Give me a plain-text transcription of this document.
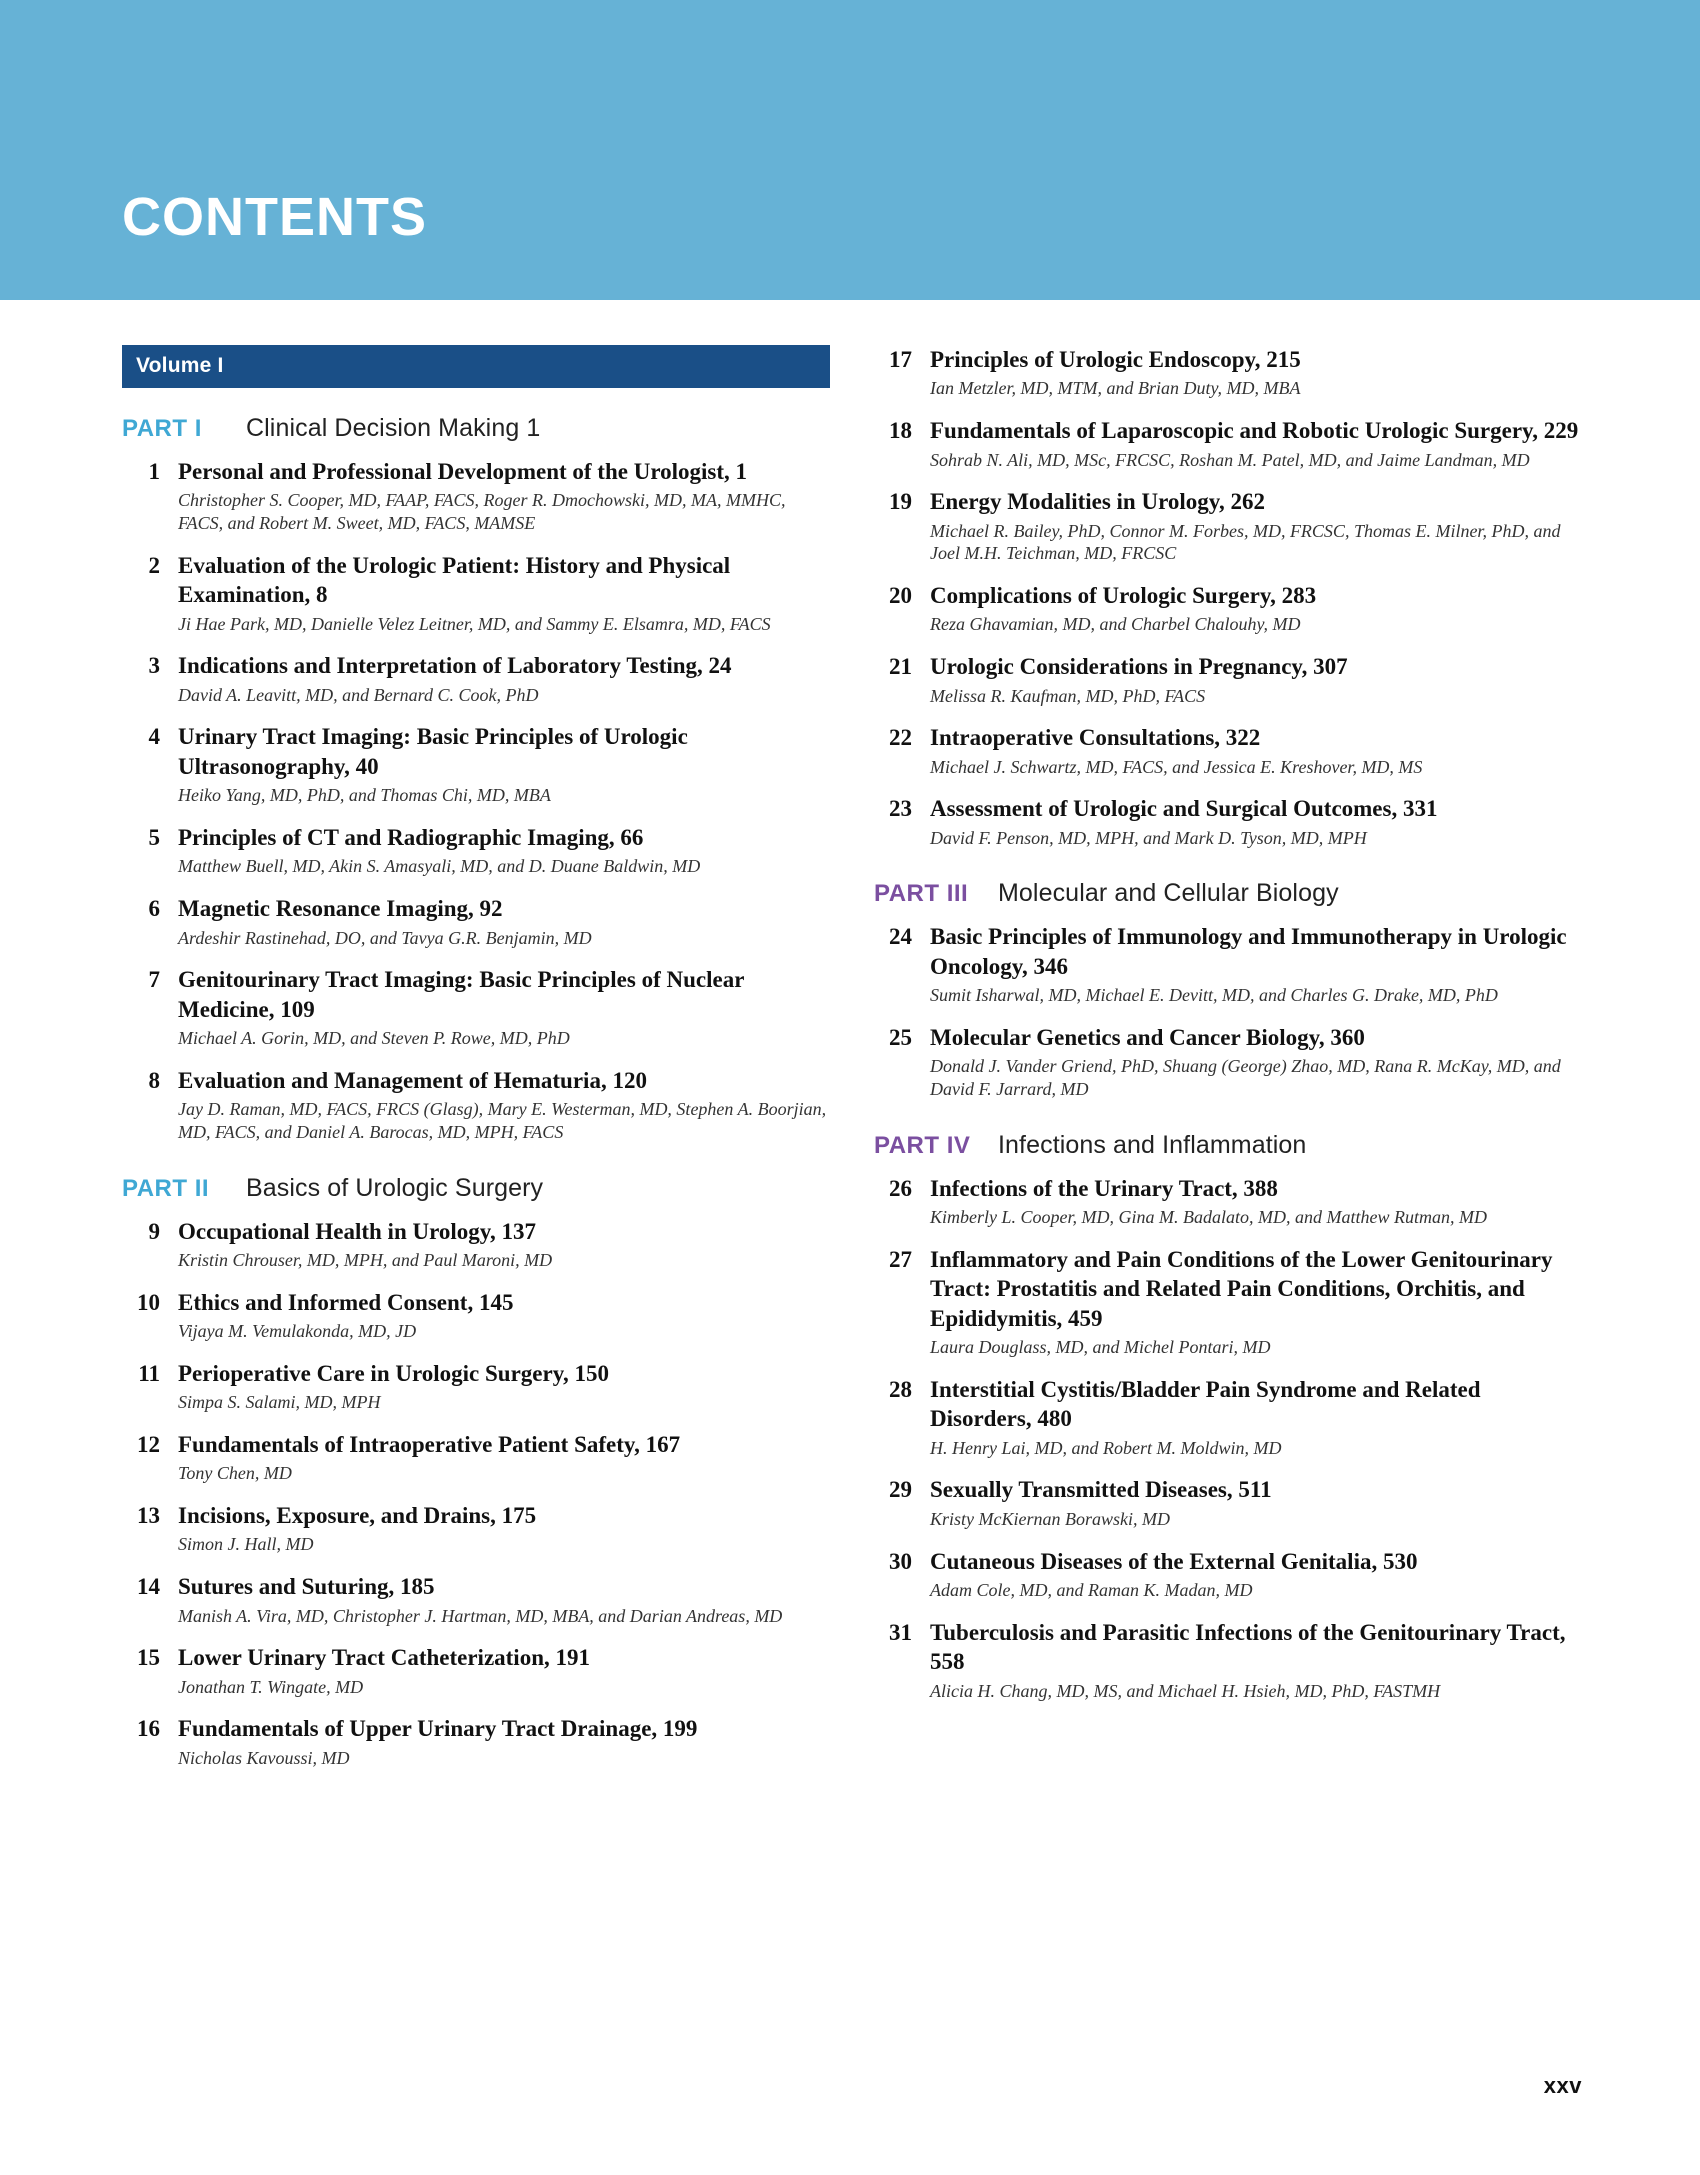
CONTENTS
Volume I
PART I	Clinical Decision Making 1
1 Personal and Professional Development of the Urologist, 1
Christopher S. Cooper, MD, FAAP, FACS, Roger R. Dmochowski, MD, MA, MMHC, FACS, and Robert M. Sweet, MD, FACS, MAMSE
2 Evaluation of the Urologic Patient: History and Physical Examination, 8
Ji Hae Park, MD, Danielle Velez Leitner, MD, and Sammy E. Elsamra, MD, FACS
3 Indications and Interpretation of Laboratory Testing, 24
David A. Leavitt, MD, and Bernard C. Cook, PhD
4 Urinary Tract Imaging: Basic Principles of Urologic Ultrasonography, 40
Heiko Yang, MD, PhD, and Thomas Chi, MD, MBA
5 Principles of CT and Radiographic Imaging, 66
Matthew Buell, MD, Akin S. Amasyali, MD, and D. Duane Baldwin, MD
6 Magnetic Resonance Imaging, 92
Ardeshir Rastinehad, DO, and Tavya G.R. Benjamin, MD
7 Genitourinary Tract Imaging: Basic Principles of Nuclear Medicine, 109
Michael A. Gorin, MD, and Steven P. Rowe, MD, PhD
8 Evaluation and Management of Hematuria, 120
Jay D. Raman, MD, FACS, FRCS (Glasg), Mary E. Westerman, MD, Stephen A. Boorjian, MD, FACS, and Daniel A. Barocas, MD, MPH, FACS
PART II	Basics of Urologic Surgery
9 Occupational Health in Urology, 137
Kristin Chrouser, MD, MPH, and Paul Maroni, MD
10 Ethics and Informed Consent, 145
Vijaya M. Vemulakonda, MD, JD
11 Perioperative Care in Urologic Surgery, 150
Simpa S. Salami, MD, MPH
12 Fundamentals of Intraoperative Patient Safety, 167
Tony Chen, MD
13 Incisions, Exposure, and Drains, 175
Simon J. Hall, MD
14 Sutures and Suturing, 185
Manish A. Vira, MD, Christopher J. Hartman, MD, MBA, and Darian Andreas, MD
15 Lower Urinary Tract Catheterization, 191
Jonathan T. Wingate, MD
16 Fundamentals of Upper Urinary Tract Drainage, 199
Nicholas Kavoussi, MD
17 Principles of Urologic Endoscopy, 215
Ian Metzler, MD, MTM, and Brian Duty, MD, MBA
18 Fundamentals of Laparoscopic and Robotic Urologic Surgery, 229
Sohrab N. Ali, MD, MSc, FRCSC, Roshan M. Patel, MD, and Jaime Landman, MD
19 Energy Modalities in Urology, 262
Michael R. Bailey, PhD, Connor M. Forbes, MD, FRCSC, Thomas E. Milner, PhD, and Joel M.H. Teichman, MD, FRCSC
20 Complications of Urologic Surgery, 283
Reza Ghavamian, MD, and Charbel Chalouhy, MD
21 Urologic Considerations in Pregnancy, 307
Melissa R. Kaufman, MD, PhD, FACS
22 Intraoperative Consultations, 322
Michael J. Schwartz, MD, FACS, and Jessica E. Kreshover, MD, MS
23 Assessment of Urologic and Surgical Outcomes, 331
David F. Penson, MD, MPH, and Mark D. Tyson, MD, MPH
PART III	Molecular and Cellular Biology
24 Basic Principles of Immunology and Immunotherapy in Urologic Oncology, 346
Sumit Isharwal, MD, Michael E. Devitt, MD, and Charles G. Drake, MD, PhD
25 Molecular Genetics and Cancer Biology, 360
Donald J. Vander Griend, PhD, Shuang (George) Zhao, MD, Rana R. McKay, MD, and David F. Jarrard, MD
PART IV	Infections and Inflammation
26 Infections of the Urinary Tract, 388
Kimberly L. Cooper, MD, Gina M. Badalato, MD, and Matthew Rutman, MD
27 Inflammatory and Pain Conditions of the Lower Genitourinary Tract: Prostatitis and Related Pain Conditions, Orchitis, and Epididymitis, 459
Laura Douglass, MD, and Michel Pontari, MD
28 Interstitial Cystitis/Bladder Pain Syndrome and Related Disorders, 480
H. Henry Lai, MD, and Robert M. Moldwin, MD
29 Sexually Transmitted Diseases, 511
Kristy McKiernan Borawski, MD
30 Cutaneous Diseases of the External Genitalia, 530
Adam Cole, MD, and Raman K. Madan, MD
31 Tuberculosis and Parasitic Infections of the Genitourinary Tract, 558
Alicia H. Chang, MD, MS, and Michael H. Hsieh, MD, PhD, FASTMH
xxv
